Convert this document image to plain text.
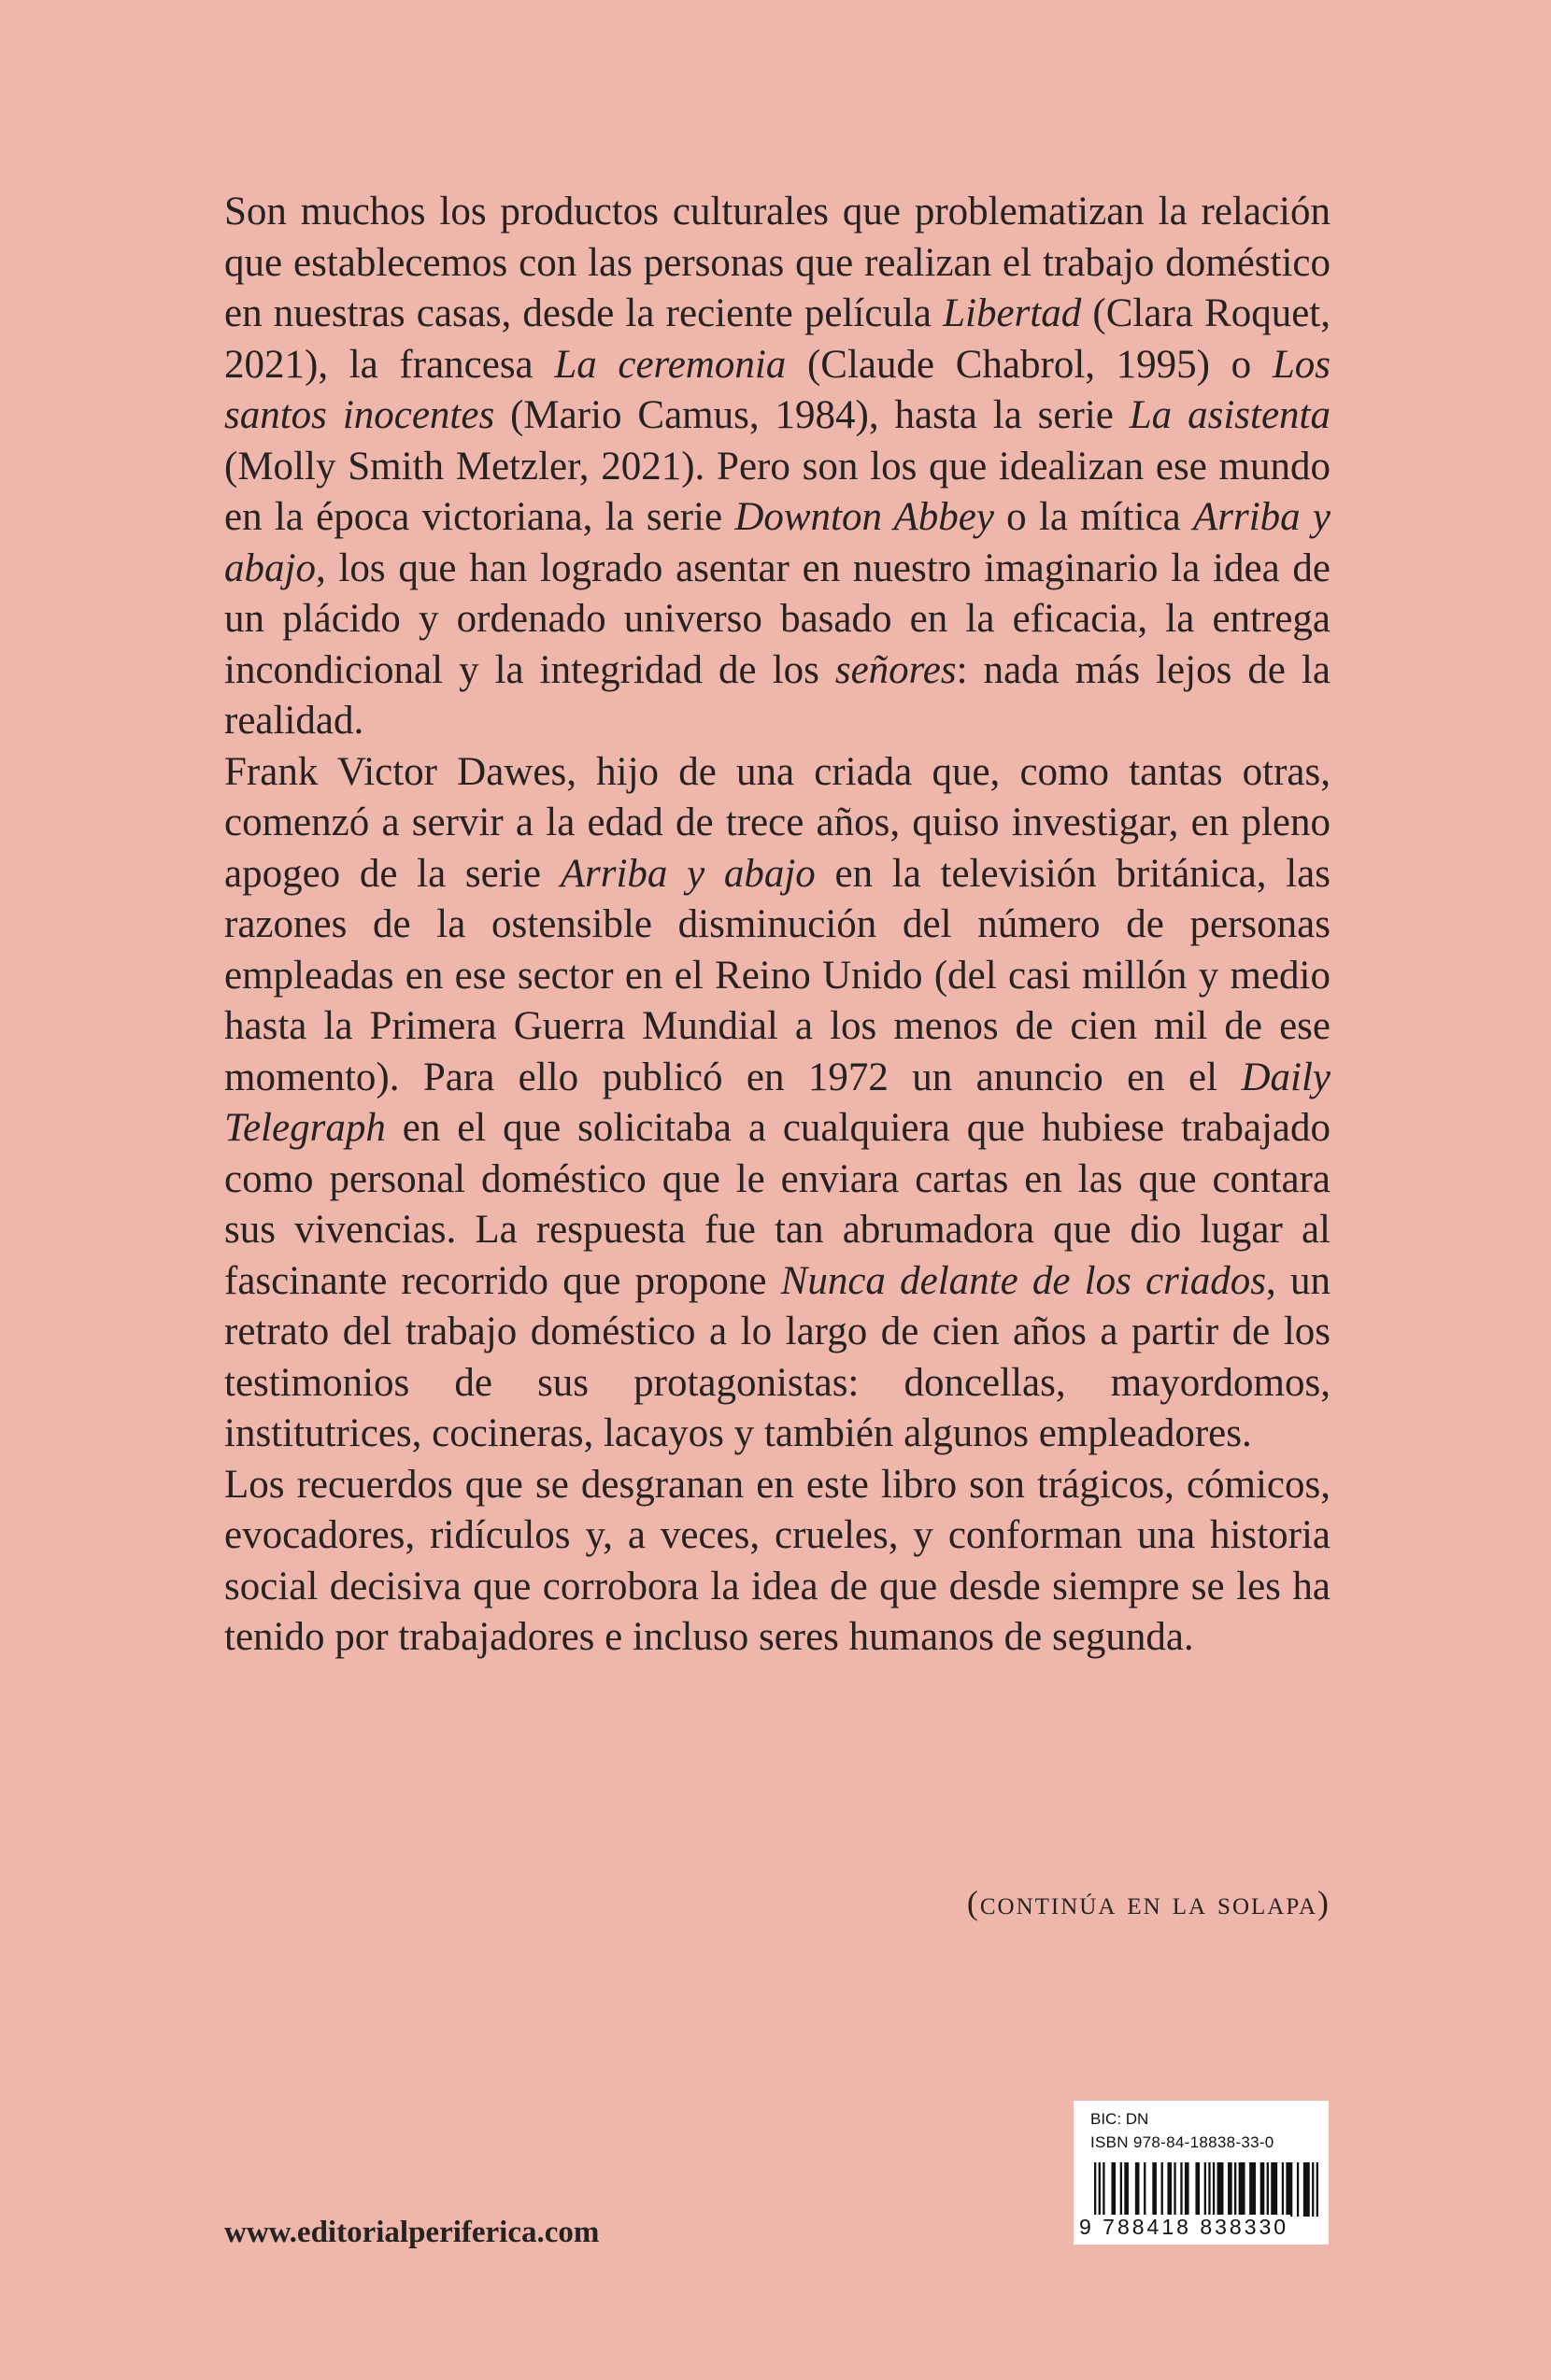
Son muchos los productos culturales que problematizan la relación que establecemos con las personas que realizan el trabajo doméstico en nuestras casas, desde la reciente película Libertad (Clara Roquet, 2021), la francesa La ceremonia (Claude Chabrol, 1995) o Los santos inocentes (Mario Camus, 1984), hasta la serie La asistenta (Molly Smith Metzler, 2021). Pero son los que idealizan ese mundo en la época victoriana, la serie Downton Abbey o la mítica Arriba y abajo, los que han logrado asentar en nuestro imaginario la idea de un plácido y ordenado universo basado en la eficacia, la entrega incondicional y la integridad de los señores: nada más lejos de la realidad.

Frank Victor Dawes, hijo de una criada que, como tantas otras, comenzó a servir a la edad de trece años, quiso investigar, en pleno apogeo de la serie Arriba y abajo en la televisión británica, las razones de la ostensible disminución del número de personas empleadas en ese sector en el Reino Unido (del casi millón y medio hasta la Primera Guerra Mundial a los menos de cien mil de ese momento). Para ello publicó en 1972 un anuncio en el Daily Telegraph en el que solicitaba a cualquiera que hubiese trabajado como personal doméstico que le enviara cartas en las que contara sus vivencias. La respuesta fue tan abrumadora que dio lugar al fascinante recorrido que propone Nunca delante de los criados, un retrato del trabajo doméstico a lo largo de cien años a partir de los testimonios de sus protagonistas: doncellas, mayordomos, institutrices, cocineras, lacayos y también algunos empleadores.

Los recuerdos que se desgranan en este libro son trágicos, cómicos, evocadores, ridículos y, a veces, crueles, y conforman una historia social decisiva que corrobora la idea de que desde siempre se les ha tenido por trabajadores e incluso seres humanos de segunda.

(continúa en la solapa)
www.editorialperiferica.com
BIC: DN
ISBN 978-84-18838-33-0
9 788418 838330
